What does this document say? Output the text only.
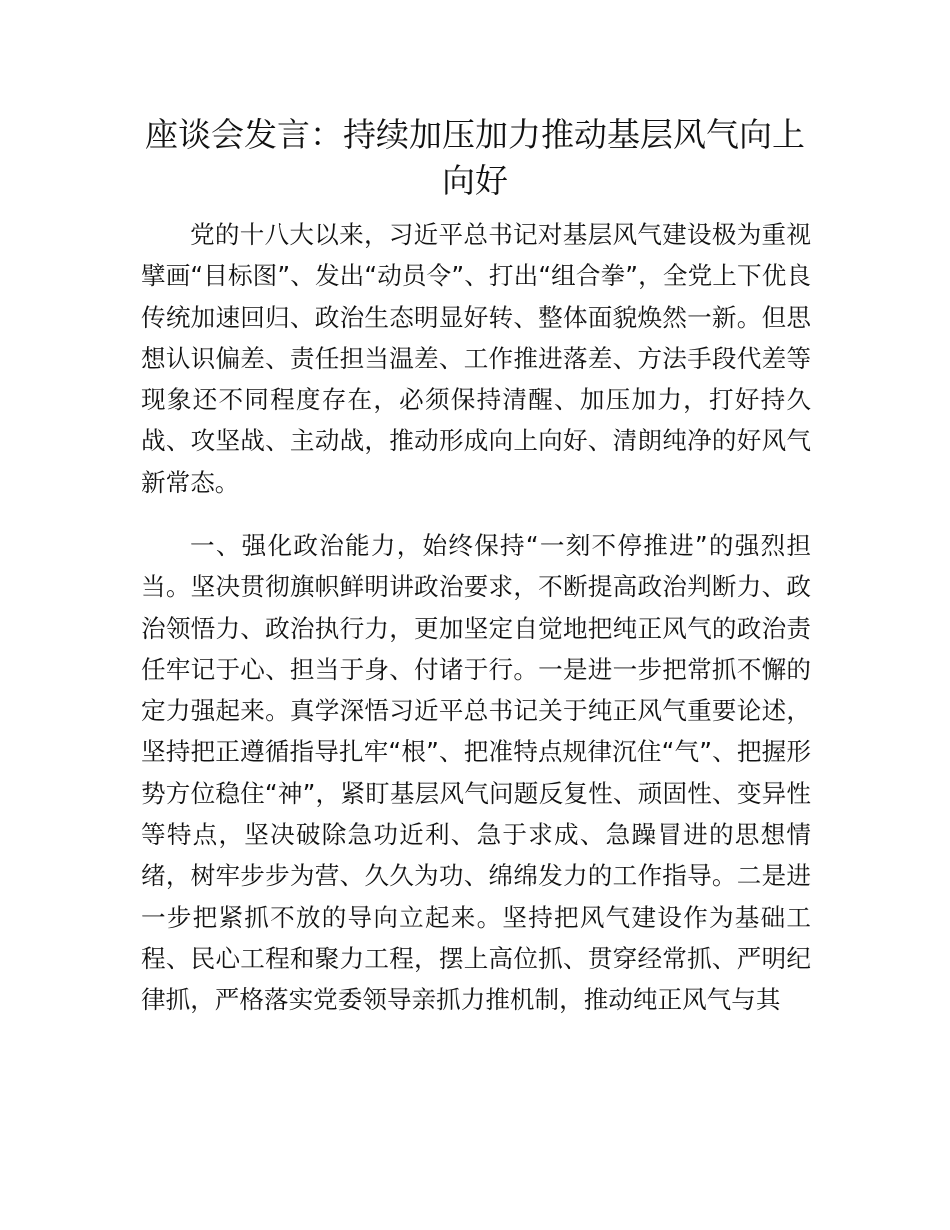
座谈会发言：持续加压加力推动基层风气向上向好

党的十八大以来，习近平总书记对基层风气建设极为重视擘画“目标图”、发出“动员令”、打出“组合拳”，全党上下优良传统加速回归、政治生态明显好转、整体面貌焕然一新。但思想认识偏差、责任担当温差、工作推进落差、方法手段代差等现象还不同程度存在，必须保持清醒、加压加力，打好持久战、攻坚战、主动战，推动形成向上向好、清朗纯净的好风气新常态。

一、强化政治能力，始终保持“一刻不停推进”的强烈担当。坚决贯彻旗帜鲜明讲政治要求，不断提高政治判断力、政治领悟力、政治执行力，更加坚定自觉地把纯正风气的政治责任牢记于心、担当于身、付诸于行。一是进一步把常抓不懈的定力强起来。真学深悟习近平总书记关于纯正风气重要论述，坚持把正遵循指导扎牢“根”、把准特点规律沉住“气”、把握形势方位稳住“神”，紧盯基层风气问题反复性、顽固性、变异性等特点，坚决破除急功近利、急于求成、急躁冒进的思想情绪，树牢步步为营、久久为功、绵绵发力的工作指导。二是进一步把紧抓不放的导向立起来。坚持把风气建设作为基础工程、民心工程和聚力工程，摆上高位抓、贯穿经常抓、严明纪律抓，严格落实党委领导亲抓力推机制，推动纯正风气与其
